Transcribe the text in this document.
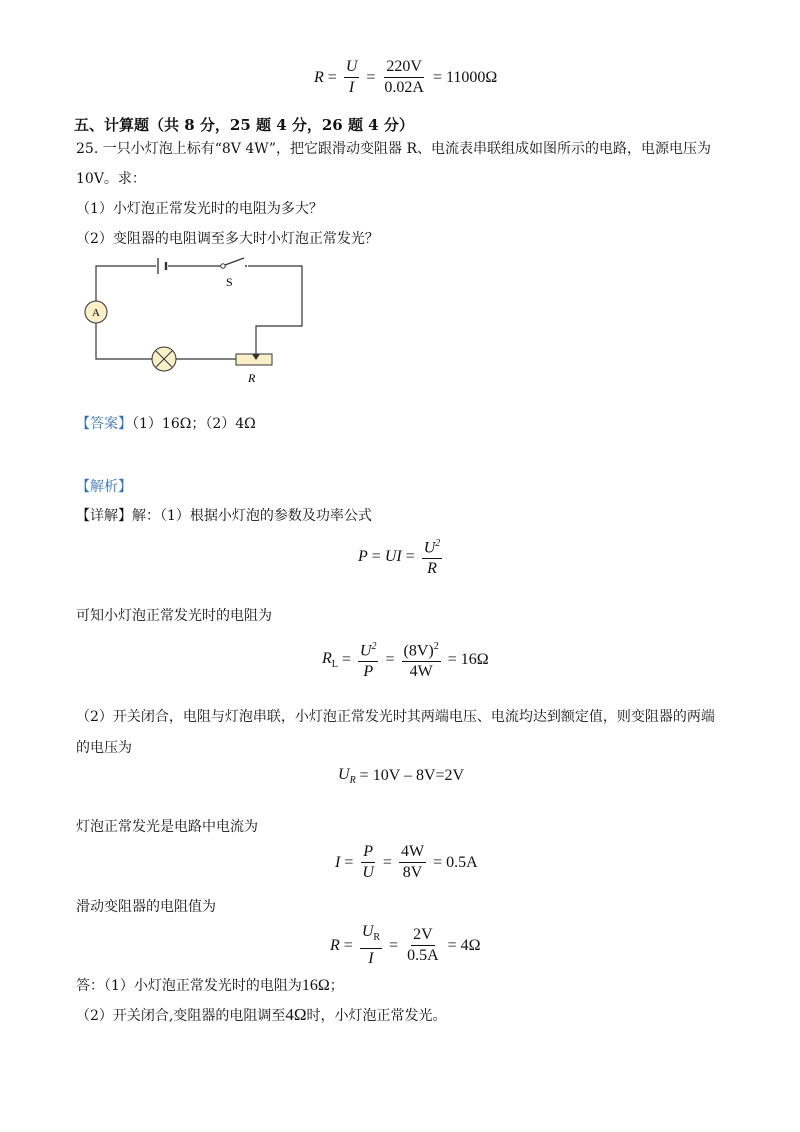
$R = \frac{U}{I} = \frac{220V}{0.02A} = 11000\Omega$
五、计算题（共 8 分，25 题 4 分，26 题 4 分）
25. 一只小灯泡上标有“8V 4W”，把它跟滑动变阻器 R、电流表串联组成如图所示的电路，电源电压为
10V。求：
（1）小灯泡正常发光时的电阻为多大？
（2）变阻器的电阻调至多大时小灯泡正常发光？
S
A
R
【答案】（1）16Ω；（2）4Ω
【解析】
【详解】解：（1）根据小灯泡的参数及功率公式
P = UI = $\frac{U^2}{R}$
可知小灯泡正常发光时的电阻为
$R_L = \frac{U^2}{P} = \frac{(8V)^2}{4W} = 16\Omega$
（2）开关闭合，电阻与灯泡串联，小灯泡正常发光时其两端电压、电流均达到额定值，则变阻器的两端
的电压为
$U_R = 10V - 8V=2V$
灯泡正常发光是电路中电流为
$I = \frac{P}{U} = \frac{4W}{8V} = 0.5A$
滑动变阻器的电阻值为
$R = \frac{U_R}{I} = \frac{2V}{0.5A} = 4\Omega$
答：（1）小灯泡正常发光时的电阻为16Ω；
（2）开关闭合,变阻器的电阻调至4Ω时，小灯泡正常发光。
